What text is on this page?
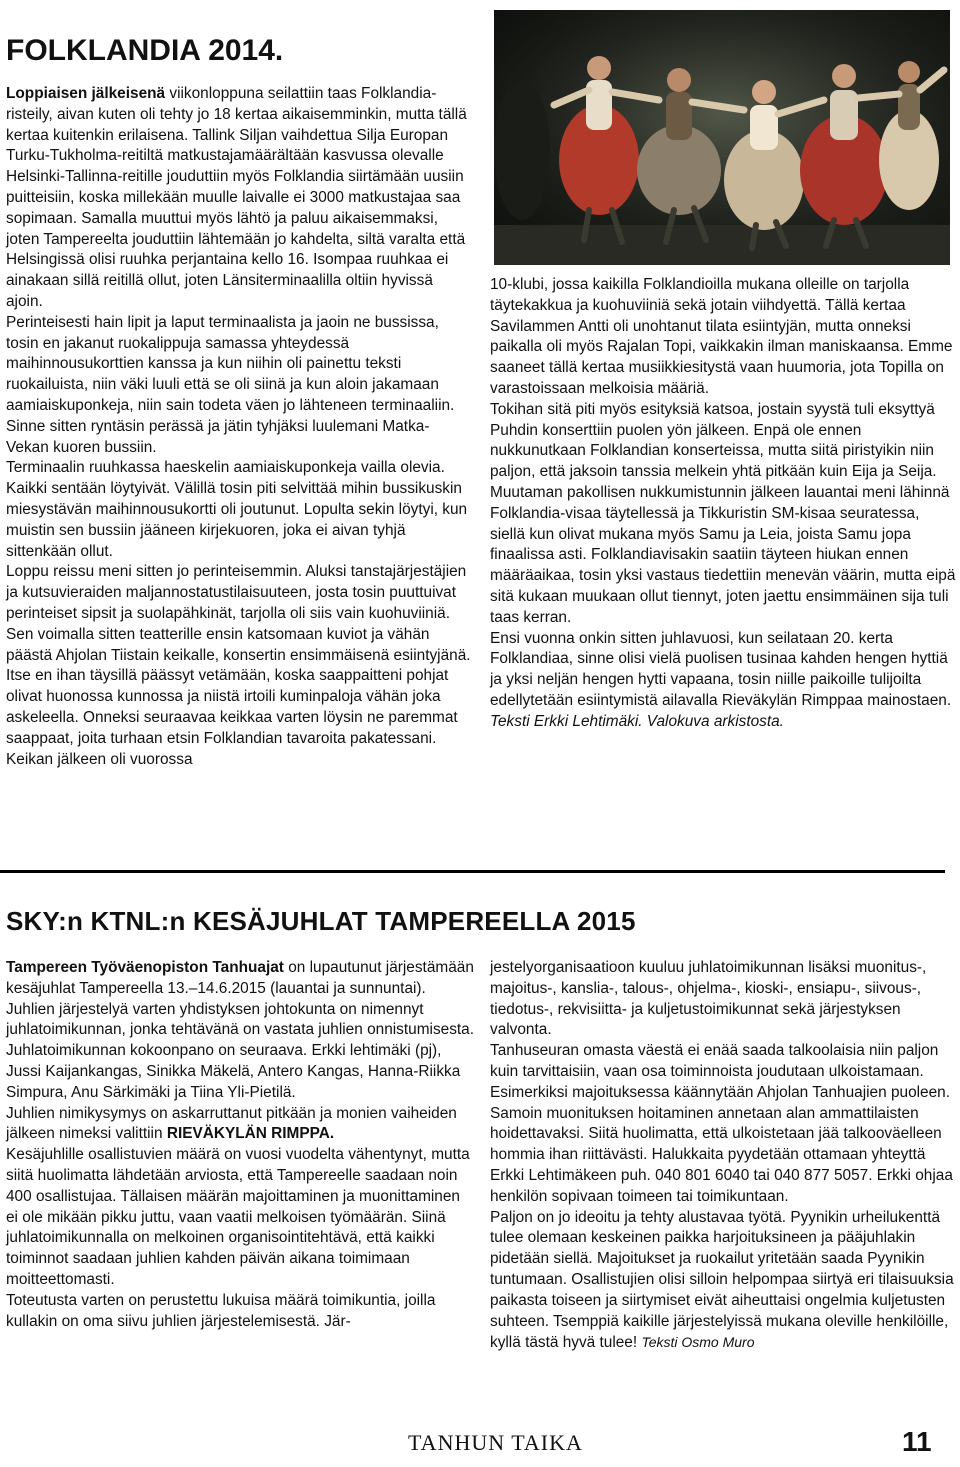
FOLKLANDIA 2014.

Loppiaisen jälkeisenä viikonloppuna seilattiin taas Folklandia-risteily, aivan kuten oli tehty jo 18 kertaa aikaisemminkin, mutta tällä kertaa kuitenkin erilaisena. Tallink Siljan vaihdettua Silja Europan Turku-Tukholma-reitiltä matkustajamäärältään kasvussa olevalle Helsinki-Tallinna-reitille jouduttiin myös Folklandia siirtämään uusiin puitteisiin, koska millekään muulle laivalle ei 3000 matkustajaa saa sopimaan. Samalla muuttui myös lähtö ja paluu aikaisemmaksi, joten Tampereelta jouduttiin lähtemään jo kahdelta, siltä varalta että Helsingissä olisi ruuhka perjantaina kello 16. Isompaa ruuhkaa ei ainakaan sillä reitillä ollut, joten Länsiterminaalilla oltiin hyvissä ajoin.

Perinteisesti hain lipit ja laput terminaalista ja jaoin ne bussissa, tosin en jakanut ruokalippuja samassa yhteydessä maihinnousukorttien kanssa ja kun niihin oli painettu teksti ruokailuista, niin väki luuli että se oli siinä ja kun aloin jakamaan aamiaiskuponkeja, niin sain todeta väen jo lähteneen terminaaliin. Sinne sitten ryntäsin perässä ja jätin tyhjäksi luulemani Matka-Vekan kuoren bussiin.

Terminaalin ruuhkassa haeskelin aamiaiskuponkeja vailla olevia. Kaikki sentään löytyivät. Välillä tosin piti selvittää mihin bussikuskin miesystävän maihinnousukortti oli joutunut. Lopulta sekin löytyi, kun muistin sen bussiin jääneen kirjekuoren, joka ei aivan tyhjä sittenkään ollut.

Loppu reissu meni sitten jo perinteisemmin. Aluksi tanstajärjestäjien ja kutsuvieraiden maljannostatustilaisuuteen, josta tosin puuttuivat perinteiset sipsit ja suolapähkinät, tarjolla oli siis vain kuohuviiniä. Sen voimalla sitten teatterille ensin katsomaan kuviot ja vähän päästä Ahjolan Tiistain keikalle, konsertin ensimmäisenä esiintyjänä. Itse en ihan täysillä päässyt vetämään, koska saappaitteni pohjat olivat huonossa kunnossa ja niistä irtoili kuminpaloja vähän joka askeleella. Onneksi seuraavaa keikkaa varten löysin ne paremmat saappaat, joita turhaan etsin Folklandian tavaroita pakatessani. Keikan jälkeen oli vuorossa

10-klubi, jossa kaikilla Folklandioilla mukana olleille on tarjolla täytekakkua ja kuohuviiniä sekä jotain viihdyettä. Tällä kertaa Savilammen Antti oli unohtanut tilata esiintyjän, mutta onneksi paikalla oli myös Rajalan Topi, vaikkakin ilman maniskaansa. Emme saaneet tällä kertaa musiikkiesitystä vaan huumoria, jota Topilla on varastoissaan melkoisia määriä.

Tokihan sitä piti myös esityksiä katsoa, jostain syystä tuli eksyttyä Puhdin konserttiin puolen yön jälkeen. Enpä ole ennen nukkunutkaan Folklandian konserteissa, mutta siitä piristyikin niin paljon, että jaksoin tanssia melkein yhtä pitkään kuin Eija ja Seija.

Muutaman pakollisen nukkumistunnin jälkeen lauantai meni lähinnä Folklandia-visaa täytellessä ja Tikkuristin SM-kisaa seuratessa, siellä kun olivat mukana myös Samu ja Leia, joista Samu jopa finaalissa asti. Folklandiavisakin saatiin täyteen hiukan ennen määräaikaa, tosin yksi vastaus tiedettiin menevän väärin, mutta eipä sitä kukaan muukaan ollut tiennyt, joten jaettu ensimmäinen sija tuli taas kerran.

Ensi vuonna onkin sitten juhlavuosi, kun seilataan 20. kerta Folklandiaa, sinne olisi vielä puolisen tusinaa kahden hengen hyttiä ja yksi neljän hengen hytti vapaana, tosin niille paikoille tulijoilta edellytetään esiintymistä ailavalla Rieväkylän Rimppaa mainostaen.

Teksti Erkki Lehtimäki. Valokuva arkistosta.

SKY:n KTNL:n KESÄJUHLAT TAMPEREELLA 2015

Tampereen Työväenopiston Tanhuajat on lupautunut järjestämään kesäjuhlat Tampereella 13.–14.6.2015 (lauantai ja sunnuntai).

Juhlien järjestelyä varten yhdistyksen johtokunta on nimennyt juhlatoimikunnan, jonka tehtävänä on vastata juhlien onnistumisesta. Juhlatoimikunnan kokoonpano on seuraava. Erkki lehtimäki (pj), Jussi Kaijankangas, Sinikka Mäkelä, Antero Kangas, Hanna-Riikka Simpura, Anu Särkimäki ja Tiina Yli-Pietilä.

Juhlien nimikysymys on askarruttanut pitkään ja monien vaiheiden jälkeen nimeksi valittiin RIEVÄKYLÄN RIMPPA.

Kesäjuhlille osallistuvien määrä on vuosi vuodelta vähentynyt, mutta siitä huolimatta lähdetään arviosta, että Tampereelle saadaan noin 400 osallistujaa. Tällaisen määrän majoittaminen ja muonittaminen ei ole mikään pikku juttu, vaan vaatii melkoisen työmäärän. Siinä juhlatoimikunnalla on melkoinen organisointitehtävä, että kaikki toiminnot saadaan juhlien kahden päivän aikana toimimaan moitteettomasti.

Toteutusta varten on perustettu lukuisa määrä toimikuntia, joilla kullakin on oma siivu juhlien järjestelemisestä. Jär-

jestelyorganisaatioon kuuluu juhlatoimikunnan lisäksi muonitus-, majoitus-, kanslia-, talous-, ohjelma-, kioski-, ensiapu-, siivous-, tiedotus-, rekvisiitta- ja kuljetustoimikunnat sekä järjestyksen valvonta.

Tanhuseuran omasta väestä ei enää saada talkoolaisia niin paljon kuin tarvittaisiin, vaan osa toiminnoista joudutaan ulkoistamaan. Esimerkiksi majoituksessa käännytään Ahjolan Tanhuajien puoleen. Samoin muonituksen hoitaminen annetaan alan ammattilaisten hoidettavaksi. Siitä huolimatta, että ulkoistetaan jää talkooväelleen hommia ihan riittävästi. Halukkaita pyydetään ottamaan yhteyttä Erkki Lehtimäkeen puh. 040 801 6040 tai 040 877 5057. Erkki ohjaa henkilön sopivaan toimeen tai toimikuntaan.

Paljon on jo ideoitu ja tehty alustavaa työtä. Pyynikin urheilukenttä tulee olemaan keskeinen paikka harjoituksineen ja pääjuhlakin pidetään siellä. Majoitukset ja ruokailut yritetään saada Pyynikin tuntumaan. Osallistujien olisi silloin helpompaa siirtyä eri tilaisuuksia paikasta toiseen ja siirtymiset eivät aiheuttaisi ongelmia kuljetusten suhteen. Tsemppiä kaikille järjestelyissä mukana oleville henkilöille, kyllä tästä hyvä tulee! Teksti Osmo Muro

TANHUN TAIKA	11
